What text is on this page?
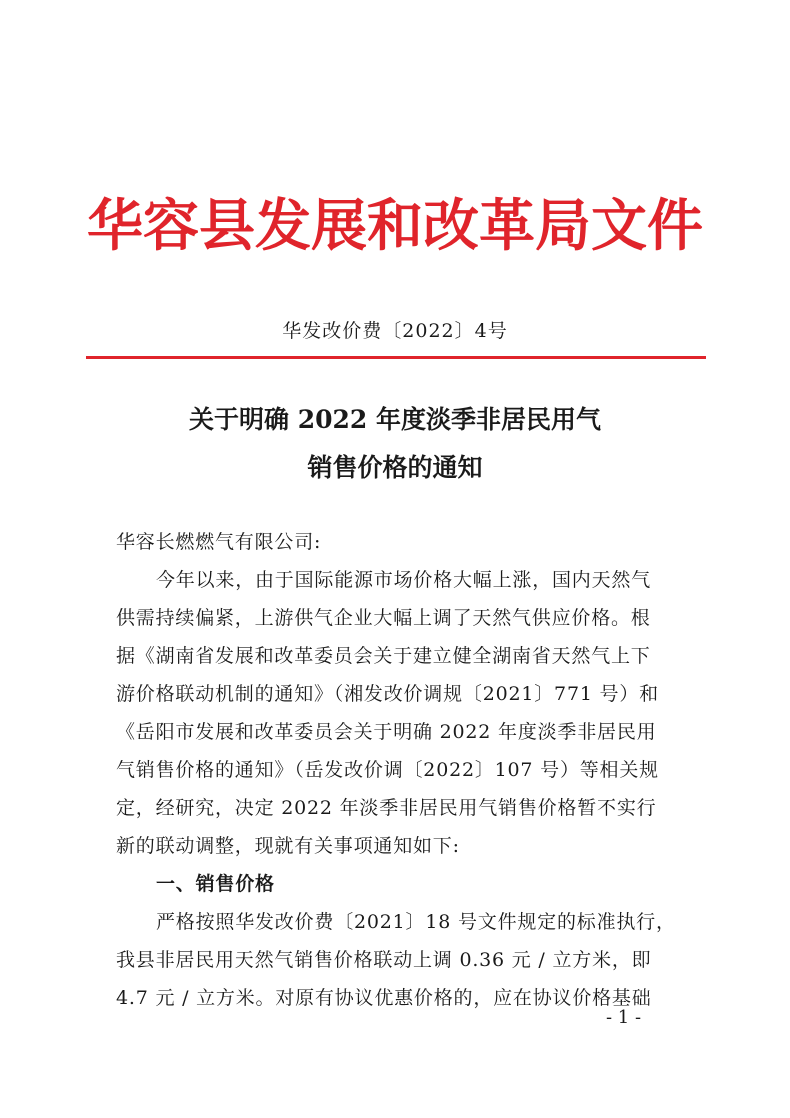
华容县发展和改革局文件
华发改价费〔2022〕4号
关于明确 2022 年度淡季非居民用气
销售价格的通知
华容长燃燃气有限公司:
今年以来，由于国际能源市场价格大幅上涨，国内天然气
供需持续偏紧，上游供气企业大幅上调了天然气供应价格。根
据《湖南省发展和改革委员会关于建立健全湖南省天然气上下
游价格联动机制的通知》（湘发改价调规〔2021〕771 号）和
《岳阳市发展和改革委员会关于明确 2022 年度淡季非居民用
气销售价格的通知》（岳发改价调〔2022〕107 号）等相关规
定，经研究，决定 2022 年淡季非居民用气销售价格暂不实行
新的联动调整，现就有关事项通知如下:
一、销售价格
严格按照华发改价费〔2021〕18 号文件规定的标准执行，
我县非居民用天然气销售价格联动上调 0.36 元 / 立方米，即
4.7 元 / 立方米。对原有协议优惠价格的，应在协议价格基础
- 1 -
